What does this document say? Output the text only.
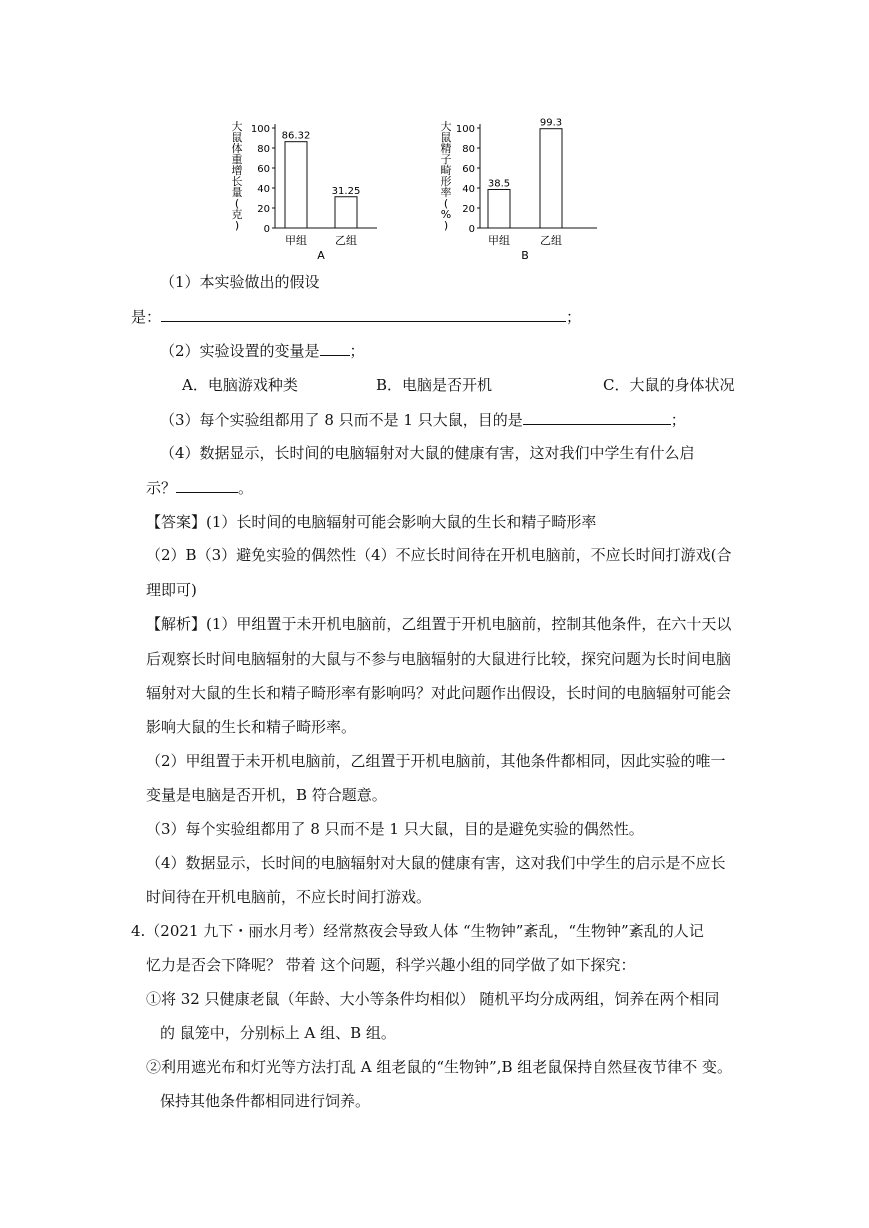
大
鼠
体
重
增
长
量
(
克
)
100
80
60
40
20
0
86.32
甲组
31.25
乙组
A
大
鼠
精
子
畸
形
率
(
%
)
100
80
60
40
20
0
38.5
甲组
99.3
乙组
B
（1）本实验做出的假设
是：	；
（2）实验设置的变量是 ；
A．电脑游戏种类	B．电脑是否开机	C．大鼠的身体状况
（3）每个实验组都用了 8 只而不是 1 只大鼠，目的是	；
（4）数据显示，长时间的电脑辐射对大鼠的健康有害，这对我们中学生有什么启
示？	。
【答案】(1）长时间的电脑辐射可能会影响大鼠的生长和精子畸形率
（2）B（3）避免实验的偶然性（4）不应长时间待在开机电脑前，不应长时间打游戏(合
理即可)
【解析】(1）甲组置于未开机电脑前，乙组置于开机电脑前，控制其他条件，在六十天以
后观察长时间电脑辐射的大鼠与不参与电脑辐射的大鼠进行比较，探究问题为长时间电脑
辐射对大鼠的生长和精子畸形率有影响吗？对此问题作出假设，长时间的电脑辐射可能会
影响大鼠的生长和精子畸形率。
（2）甲组置于未开机电脑前，乙组置于开机电脑前，其他条件都相同，因此实验的唯一
变量是电脑是否开机，B 符合题意。
（3）每个实验组都用了 8 只而不是 1 只大鼠，目的是避免实验的偶然性。
（4）数据显示，长时间的电脑辐射对大鼠的健康有害，这对我们中学生的启示是不应长
时间待在开机电脑前，不应长时间打游戏。
4.（2021 九下・丽水月考）经常熬夜会导致人体 “生物钟”紊乱，“生物钟”紊乱的人记
忆力是否会下降呢？ 带着 这个问题，科学兴趣小组的同学做了如下探究：
①将 32 只健康老鼠（年龄、大小等条件均相似） 随机平均分成两组，饲养在两个相同
的 鼠笼中，分别标上 A 组、B 组。
②利用遮光布和灯光等方法打乱 A 组老鼠的“生物钟”,B 组老鼠保持自然昼夜节律不 变。
保持其他条件都相同进行饲养。
